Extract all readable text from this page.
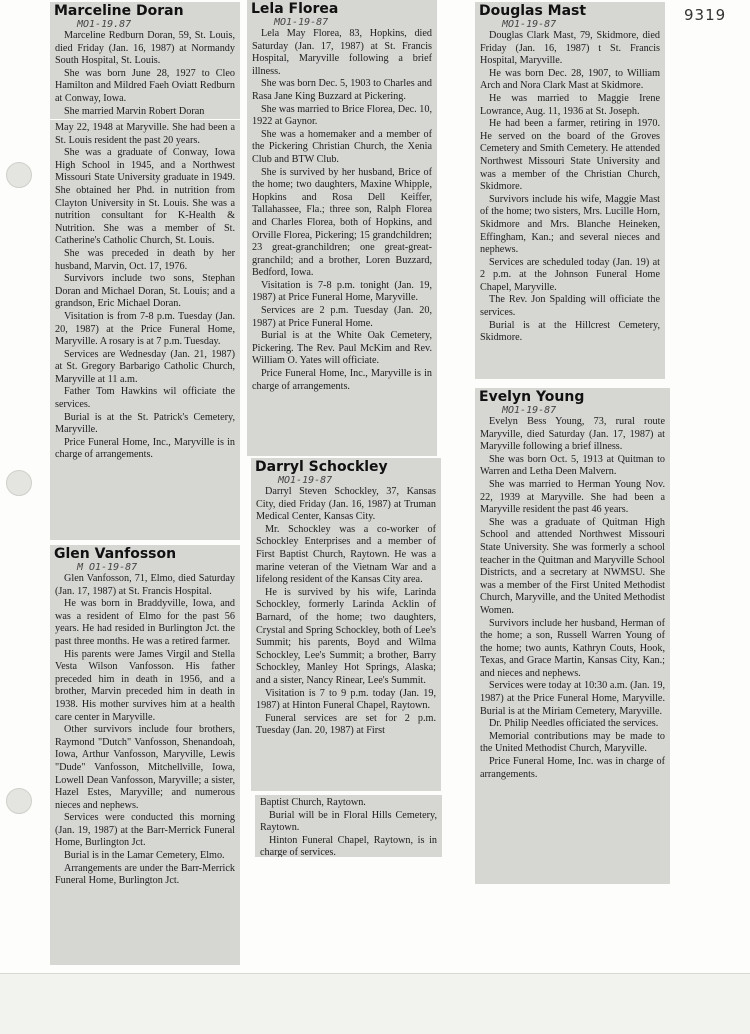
9319
Marceline Doran
MO1-19.87

Marceline Redburn Doran, 59, St. Louis, died Friday (Jan. 16, 1987) at Normandy South Hospital, St. Louis.

She was born June 28, 1927 to Cleo Hamilton and Mildred Faeh Oviatt Redburn at Conway, Iowa.

She married Marvin Robert Doran

May 22, 1948 at Maryville. She had been a St. Louis resident the past 20 years.

She was a graduate of Conway, Iowa High School in 1945, and a Northwest Missouri State University graduate in 1949. She obtained her Phd. in nutrition from Clayton University in St. Louis. She was a nutrition consultant for K-Health & Nutrition. She was a member of St. Catherine's Catholic Church, St. Louis.

She was preceded in death by her husband, Marvin, Oct. 17, 1976.

Survivors include two sons, Stephan Doran and Michael Doran, St. Louis; and a grandson, Eric Michael Doran.

Visitation is from 7-8 p.m. Tuesday (Jan. 20, 1987) at the Price Funeral Home, Maryville. A rosary is at 7 p.m. Tuesday.

Services are Wednesday (Jan. 21, 1987) at St. Gregory Barbarigo Catholic Church, Maryville at 11 a.m.

Father Tom Hawkins wil officiate the services.

Burial is at the St. Patrick's Cemetery, Maryville.

Price Funeral Home, Inc., Maryville is in charge of arrangements.

Glen Vanfosson
M O1-19-87

Glen Vanfosson, 71, Elmo, died Saturday (Jan. 17, 1987) at St. Francis Hospital.

He was born in Braddyville, Iowa, and was a resident of Elmo for the past 56 years. He had resided in Burlington Jct. the past three months. He was a retired farmer.

His parents were James Virgil and Stella Vesta Wilson Vanfosson. His father preceded him in death in 1956, and a brother, Marvin preceded him in death in 1938. His mother survives him at a health care center in Maryville.

Other survivors include four brothers, Raymond "Dutch" Vanfosson, Shenandoah, Iowa, Arthur Vanfosson, Maryville, Lewis "Dude" Vanfosson, Mitchellville, Iowa, Lowell Dean Vanfosson, Maryville; a sister, Hazel Estes, Maryville; and numerous nieces and nephews.

Services were conducted this morning (Jan. 19, 1987) at the Barr-Merrick Funeral Home, Burlington Jct.

Burial is in the Lamar Cemetery, Elmo.

Arrangements are under the Barr-Merrick Funeral Home, Burlington Jct.

Lela Florea
MO1-19-87

Lela May Florea, 83, Hopkins, died Saturday (Jan. 17, 1987) at St. Francis Hospital, Maryville following a brief illness.

She was born Dec. 5, 1903 to Charles and Rasa Jane King Buzzard at Pickering.

She was married to Brice Florea, Dec. 10, 1922 at Gaynor.

She was a homemaker and a member of the Pickering Christian Church, the Xenia Club and BTW Club.

She is survived by her husband, Brice of the home; two daughters, Maxine Whipple, Hopkins and Rosa Dell Keiffer, Tallahassee, Fla.; three son, Ralph Florea and Charles Florea, both of Hopkins, and Orville Florea, Pickering; 15 grandchildren; 23 great-granchildren; one great-great-granchild; and a brother, Loren Buzzard, Bedford, Iowa.

Visitation is 7-8 p.m. tonight (Jan. 19, 1987) at Price Funeral Home, Maryville.

Services are 2 p.m. Tuesday (Jan. 20, 1987) at Price Funeral Home.

Burial is at the White Oak Cemetery, Pickering. The Rev. Paul McKim and Rev. William O. Yates will officiate.

Price Funeral Home, Inc., Maryville is in charge of arrangements.

Darryl Schockley
MO1-19-87

Darryl Steven Schockley, 37, Kansas City, died Friday (Jan. 16, 1987) at Truman Medical Center, Kansas City.

Mr. Schockley was a co-worker of Schockley Enterprises and a member of First Baptist Church, Raytown. He was a marine veteran of the Vietnam War and a lifelong resident of the Kansas City area.

He is survived by his wife, Larinda Schockley, formerly Larinda Acklin of Barnard, of the home; two daughters, Crystal and Spring Schockley, both of Lee's Summit; his parents, Boyd and Wilma Schockley, Lee's Summit; a brother, Barry Schockley, Manley Hot Springs, Alaska; and a sister, Nancy Rinear, Lee's Summit.

Visitation is 7 to 9 p.m. today (Jan. 19, 1987) at Hinton Funeral Chapel, Raytown.

Funeral services are set for 2 p.m. Tuesday (Jan. 20, 1987) at First

Baptist Church, Raytown.

Burial will be in Floral Hills Cemetery, Raytown.

Hinton Funeral Chapel, Raytown, is in charge of services.

Douglas Mast
MO1-19-87

Douglas Clark Mast, 79, Skidmore, died Friday (Jan. 16, 1987) t St. Francis Hospital, Maryville.

He was born Dec. 28, 1907, to William Arch and Nora Clark Mast at Skidmore.

He was married to Maggie Irene Lowrance, Aug. 11, 1936 at St. Joseph.

He had been a farmer, retiring in 1970. He served on the board of the Groves Cemetery and Smith Cemetery. He attended Northwest Missouri State University and was a member of the Christian Church, Skidmore.

Survivors include his wife, Maggie Mast of the home; two sisters, Mrs. Lucille Horn, Skidmore and Mrs. Blanche Heineken, Effingham, Kan.; and several nieces and nephews.

Services are scheduled today (Jan. 19) at 2 p.m. at the Johnson Funeral Home Chapel, Maryville.

The Rev. Jon Spalding will officiate the services.

Burial is at the Hillcrest Cemetery, Skidmore.

Evelyn Young
MO1-19-87

Evelyn Bess Young, 73, rural route Maryville, died Saturday (Jan. 17, 1987) at Maryville following a brief illness.

She was born Oct. 5, 1913 at Quitman to Warren and Letha Deen Malvern.

She was married to Herman Young Nov. 22, 1939 at Maryville. She had been a Maryville resident the past 46 years.

She was a graduate of Quitman High School and attended Northwest Missouri State University. She was formerly a school teacher in the Quitman and Maryville School Districts, and a secretary at NWMSU. She was a member of the First United Methodist Church, Maryville, and the United Methodist Women.

Survivors include her husband, Herman of the home; a son, Russell Warren Young of the home; two aunts, Kathryn Couts, Hook, Texas, and Grace Martin, Kansas City, Kan.; and nieces and nephews.

Services were today at 10:30 a.m. (Jan. 19, 1987) at the Price Funeral Home, Maryville. Burial is at the Miriam Cemetery, Maryville.

Dr. Philip Needles officiated the services.

Memorial contributions may be made to the United Methodist Church, Maryville.

Price Funeral Home, Inc. was in charge of arrangements.
